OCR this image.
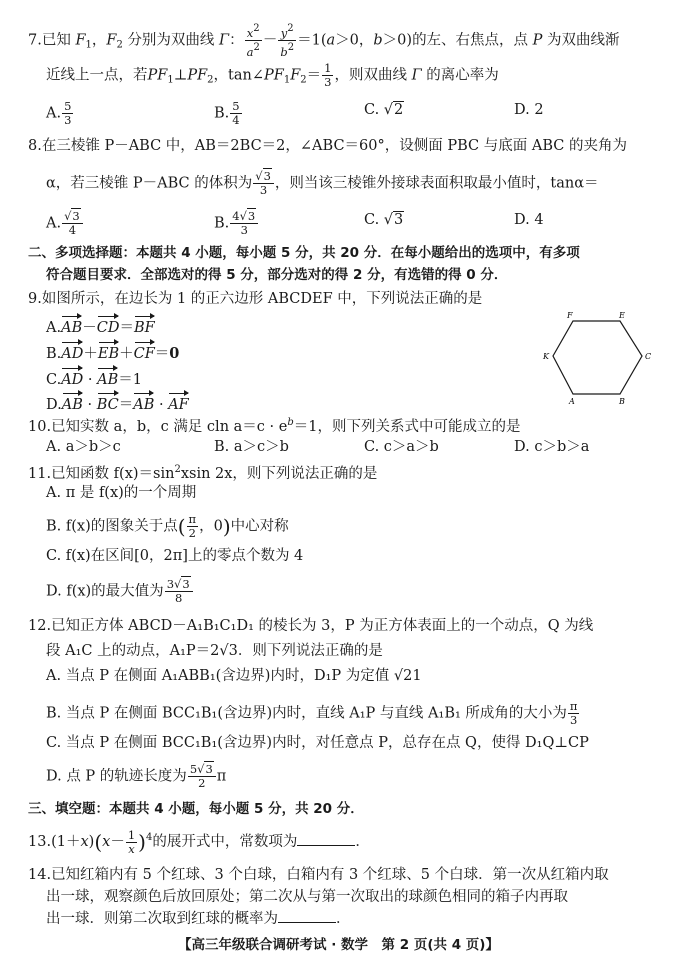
7.已知 $F_1$，$F_2$ 分别为双曲线 Γ： $\frac{x2}{a2} - \frac{y2}{b2} =1(a>0$，b＞0)的左、右焦点，点 P 为双曲线渐
近线上一点，若$PF_1\perp PF_2$，$\tan\angle PF_1F_2= \frac{1}{3}$ ，则双曲线 Γ 的离心率为
A. $\frac{5}{3}$	B. $\frac{5}{4}$	C. √2	D. 2
8.在三棱锥 P－ABC 中，AB＝2BC＝2，∠ABC＝60°，设侧面 PBC 与底面 ABC 的夹角为
α，若三棱锥 P－ABC 的体积为 $\frac{√3}{3}$ ，则当该三棱锥外接球表面积取最小值时，tanα＝
A. $\frac{√3}{4}$	B. $\frac{4√3}{3}$	C. √3	D. 4
二、多项选择题：本题共 4 小题，每小题 5 分，共 20 分．在每小题给出的选项中，有多项
符合题目要求．全部选对的得 5 分，部分选对的得 2 分，有选错的得 0 分．
9.如图所示，在边长为 1 的正六边形 ABCDEF 中，下列说法正确的是
A.AB－CD＝BF
B.AD＋EB＋CF＝0
C.AD · AB＝1
D.AB · BC＝AB · AF
F	E
K	C
A	B
10.已知实数 a，b，c 满足 cln $a=c \cdot e^b=1$，则下列关系式中可能成立的是
A. a＞b＞c	B. a＞c＞b	C. c＞a＞b	D. c＞b＞a
11.已知函数 $f(x)=\sin^2xsin$ 2x，则下列说法正确的是
A. π 是 f(x)的一个周期
B. f(x)的图象关于点( $\frac{\pi}{2}$ ，0)中心对称
C. f(x)在区间[0，2π]上的零点个数为 4
D. f(x)的最大值为 $\frac{3√3}{8}$
12.已知正方体 ABCD－A₁B₁C₁D₁ 的棱长为 3，P 为正方体表面上的一个动点，Q 为线
段 A₁C 上的动点，A₁P＝2√3．则下列说法正确的是
A. 当点 P 在侧面 A₁ABB₁(含边界)内时，D₁P 为定值 √21
B. 当点 P 在侧面 BCC₁B₁(含边界)内时，直线 A₁P 与直线 A₁B₁ 所成角的大小为 $\frac{\pi}{3}$
C. 当点 P 在侧面 BCC₁B₁(含边界)内时，对任意点 P，总存在点 Q，使得 D₁Q⊥CP
D. 点 P 的轨迹长度为 $\frac{5√3}{2}$ π
三、填空题：本题共 4 小题，每小题 5 分，共 20 分．
$13.(1+x)(x- \frac{1}{x} )^4$的展开式中，常数项为	．
14.已知红箱内有 5 个红球、3 个白球，白箱内有 3 个红球、5 个白球．第一次从红箱内取
出一球，观察颜色后放回原处；第二次从与第一次取出的球颜色相同的箱子内再取
出一球．则第二次取到红球的概率为	．
【高三年级联合调研考试 · 数学　第 2 页(共 4 页)】
